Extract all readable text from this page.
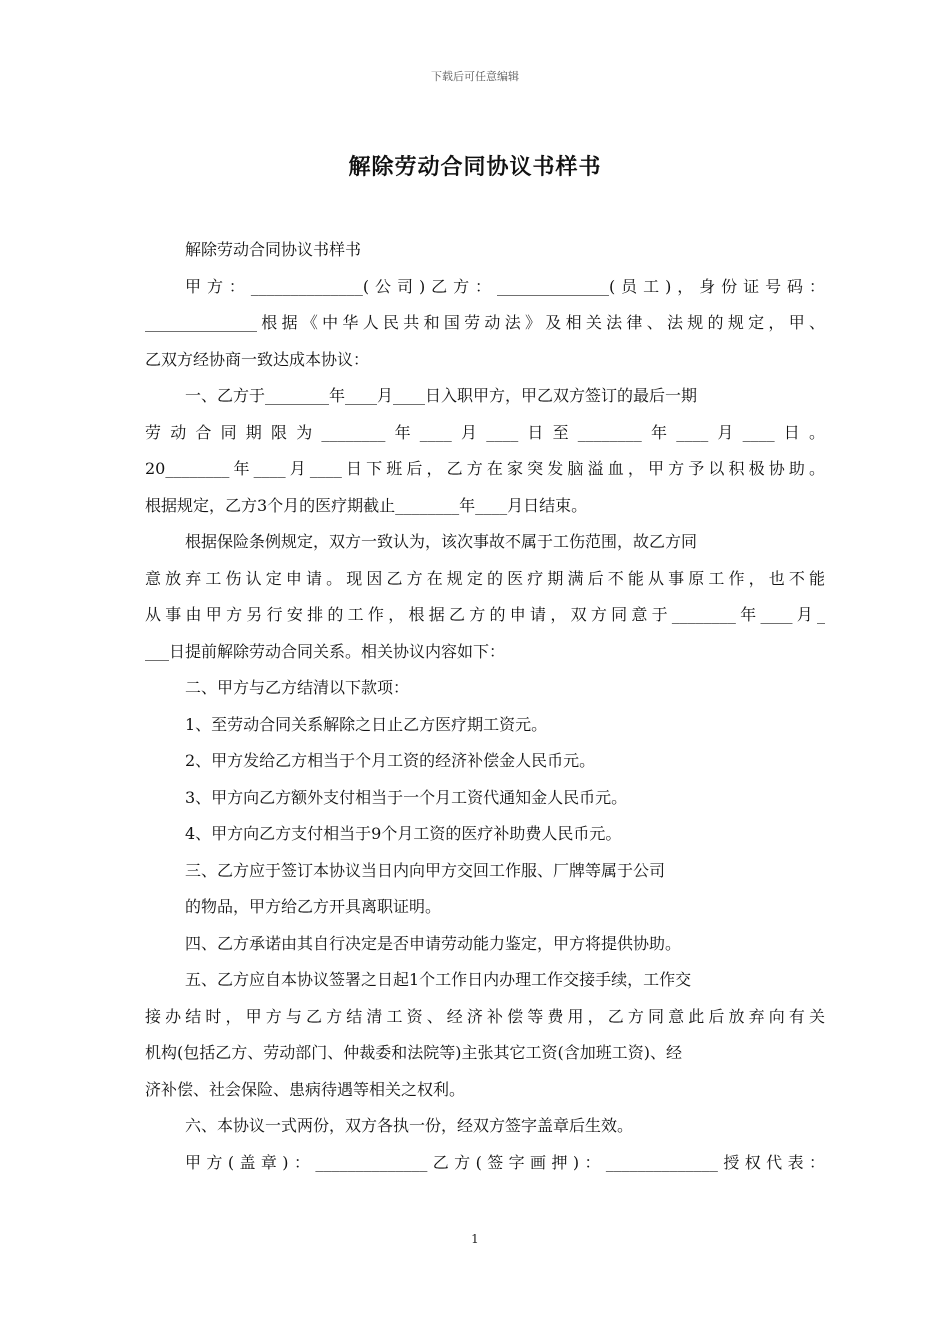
下载后可任意编辑
解除劳动合同协议书样书

解除劳动合同协议书样书

甲方：______________(公司)乙方：______________(员工)，身份证号码：

______________根据《中华人民共和国劳动法》及相关法律、法规的规定，甲、

乙双方经协商一致达成本协议：

一、乙方于________年____月____日入职甲方，甲乙双方签订的最后一期

劳动合同期限为________年____月____日至________年____月____日。

20________年____月____日下班后，乙方在家突发脑溢血，甲方予以积极协助。

根据规定，乙方3个月的医疗期截止________年____月日结束。

根据保险条例规定，双方一致认为，该次事故不属于工伤范围，故乙方同

意放弃工伤认定申请。现因乙方在规定的医疗期满后不能从事原工作，也不能

从事由甲方另行安排的工作，根据乙方的申请，双方同意于________年____月_

___日提前解除劳动合同关系。相关协议内容如下：

二、甲方与乙方结清以下款项：

1、至劳动合同关系解除之日止乙方医疗期工资元。

2、甲方发给乙方相当于个月工资的经济补偿金人民币元。

3、甲方向乙方额外支付相当于一个月工资代通知金人民币元。

4、甲方向乙方支付相当于9个月工资的医疗补助费人民币元。

三、乙方应于签订本协议当日内向甲方交回工作服、厂牌等属于公司

的物品，甲方给乙方开具离职证明。

四、乙方承诺由其自行决定是否申请劳动能力鉴定，甲方将提供协助。

五、乙方应自本协议签署之日起1个工作日内办理工作交接手续，工作交

接办结时，甲方与乙方结清工资、经济补偿等费用，乙方同意此后放弃向有关

机构(包括乙方、劳动部门、仲裁委和法院等)主张其它工资(含加班工资)、经

济补偿、社会保险、患病待遇等相关之权利。

六、本协议一式两份，双方各执一份，经双方签字盖章后生效。

甲方(盖章)：______________乙方(签字画押)：______________授权代表：

1
